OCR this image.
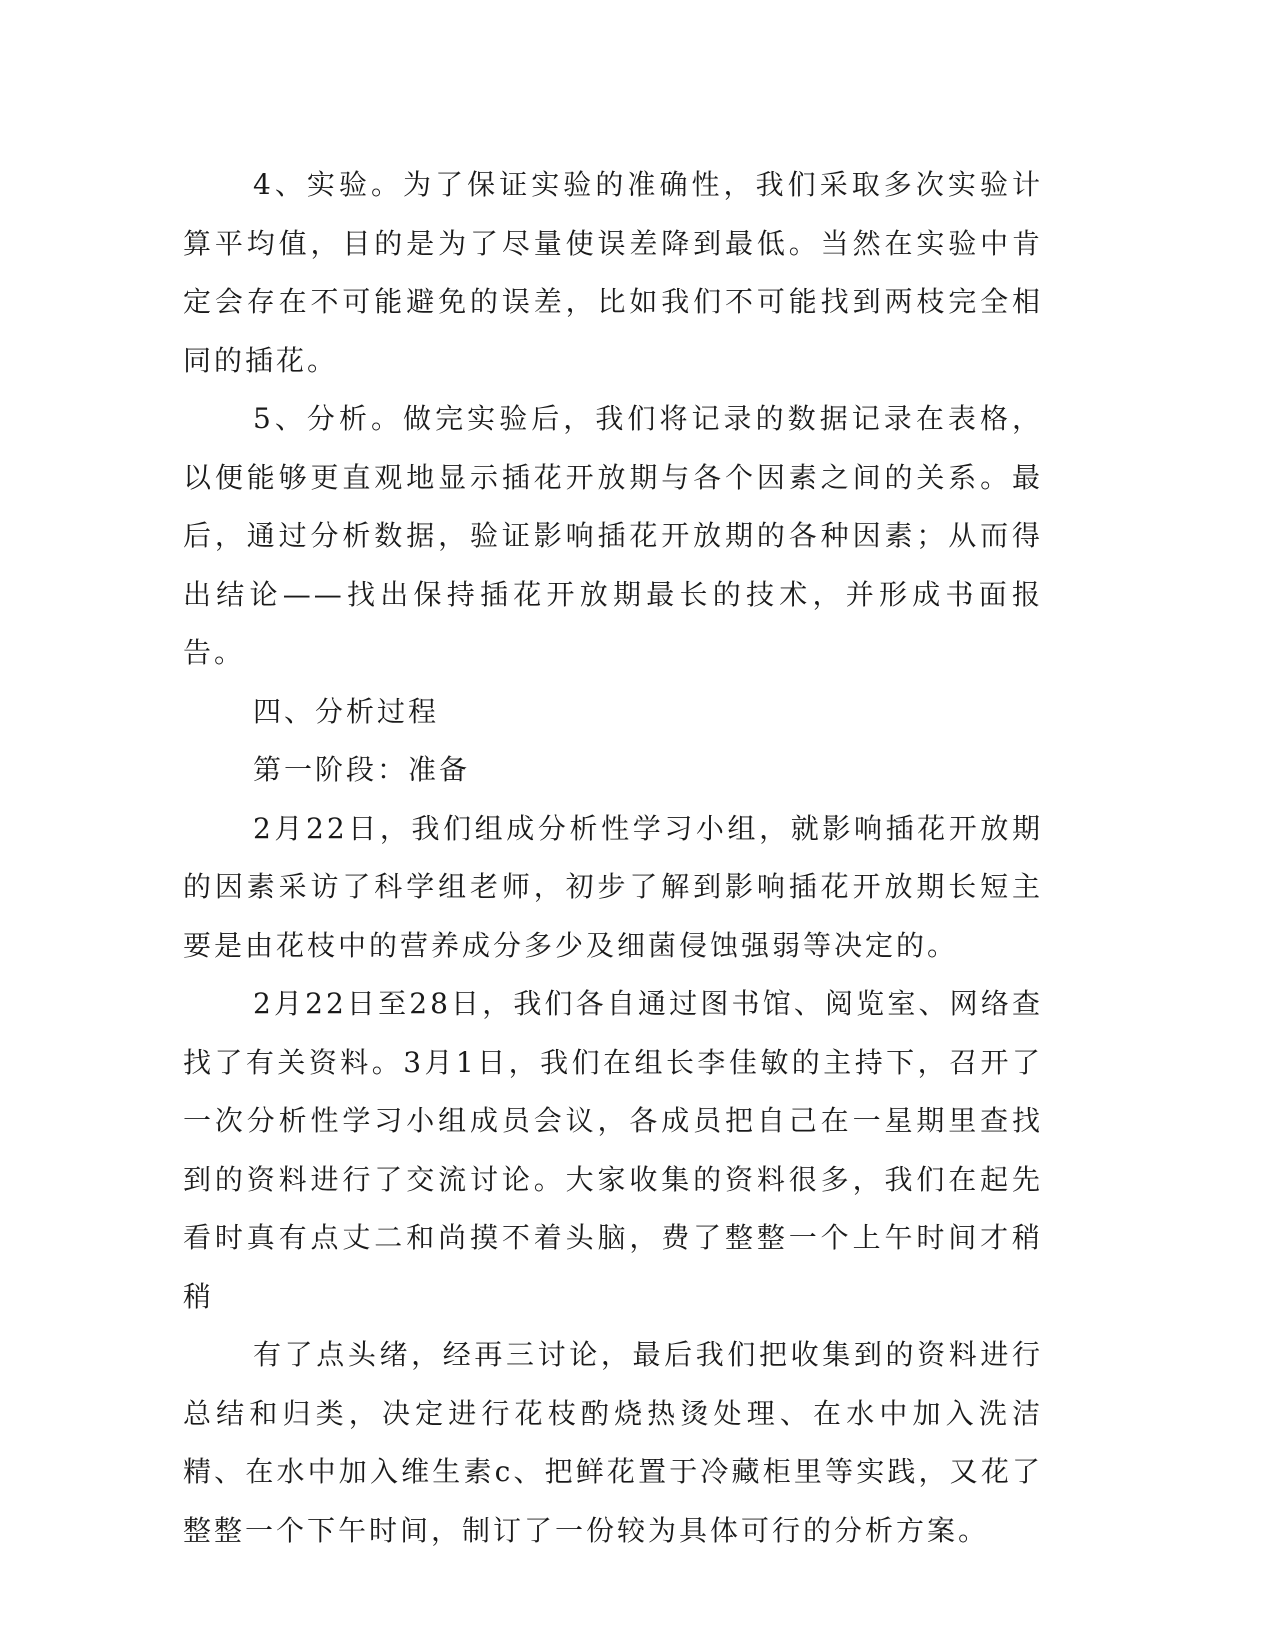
4、实验。为了保证实验的准确性，我们采取多次实验计算平均值，目的是为了尽量使误差降到最低。当然在实验中肯定会存在不可能避免的误差，比如我们不可能找到两枝完全相同的插花。

5、分析。做完实验后，我们将记录的数据记录在表格，以便能够更直观地显示插花开放期与各个因素之间的关系。最后，通过分析数据，验证影响插花开放期的各种因素；从而得出结论——找出保持插花开放期最长的技术，并形成书面报告。

四、分析过程

第一阶段：准备

2月22日，我们组成分析性学习小组，就影响插花开放期的因素采访了科学组老师，初步了解到影响插花开放期长短主要是由花枝中的营养成分多少及细菌侵蚀强弱等决定的。

2月22日至28日，我们各自通过图书馆、阅览室、网络查找了有关资料。3月1日，我们在组长李佳敏的主持下，召开了一次分析性学习小组成员会议，各成员把自己在一星期里查找到的资料进行了交流讨论。大家收集的资料很多，我们在起先看时真有点丈二和尚摸不着头脑，费了整整一个上午时间才稍稍

有了点头绪，经再三讨论，最后我们把收集到的资料进行总结和归类，决定进行花枝酌烧热烫处理、在水中加入洗洁精、在水中加入维生素c、把鲜花置于冷藏柜里等实践，又花了整整一个下午时间，制订了一份较为具体可行的分析方案。
